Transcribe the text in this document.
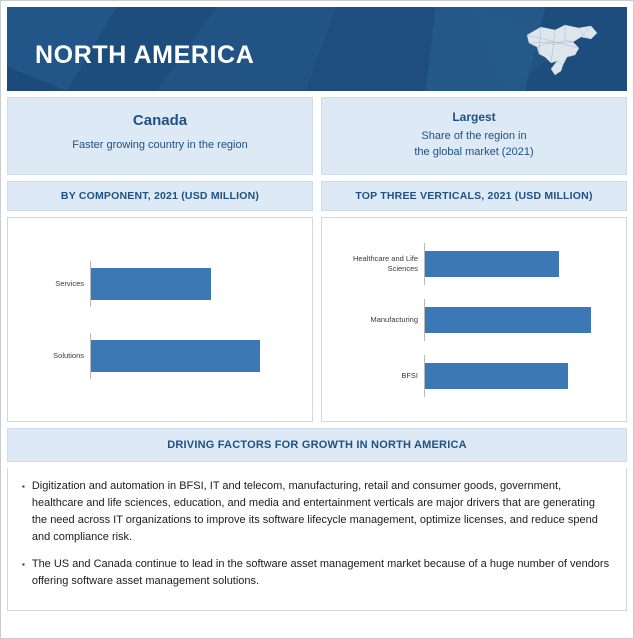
NORTH AMERICA
Canada
Faster growing country in the region
Largest
Share of the region in
the global market (2021)
BY COMPONENT, 2021 (USD MILLION)	TOP THREE VERTICALS, 2021 (USD MILLION)
Services
Solutions
Healthcare and Life Sciences
Manufacturing
BFSI
DRIVING FACTORS FOR GROWTH IN NORTH AMERICA
▪ Digitization and automation in BFSI, IT and telecom, manufacturing, retail and consumer goods, government, healthcare and life sciences, education, and media and entertainment verticals are major drivers that are generating the need across IT organizations to improve its software lifecycle management, optimize licenses, and reduce spend and compliance risk.
▪ The US and Canada continue to lead in the software asset management market because of a huge number of vendors offering software asset management solutions.
